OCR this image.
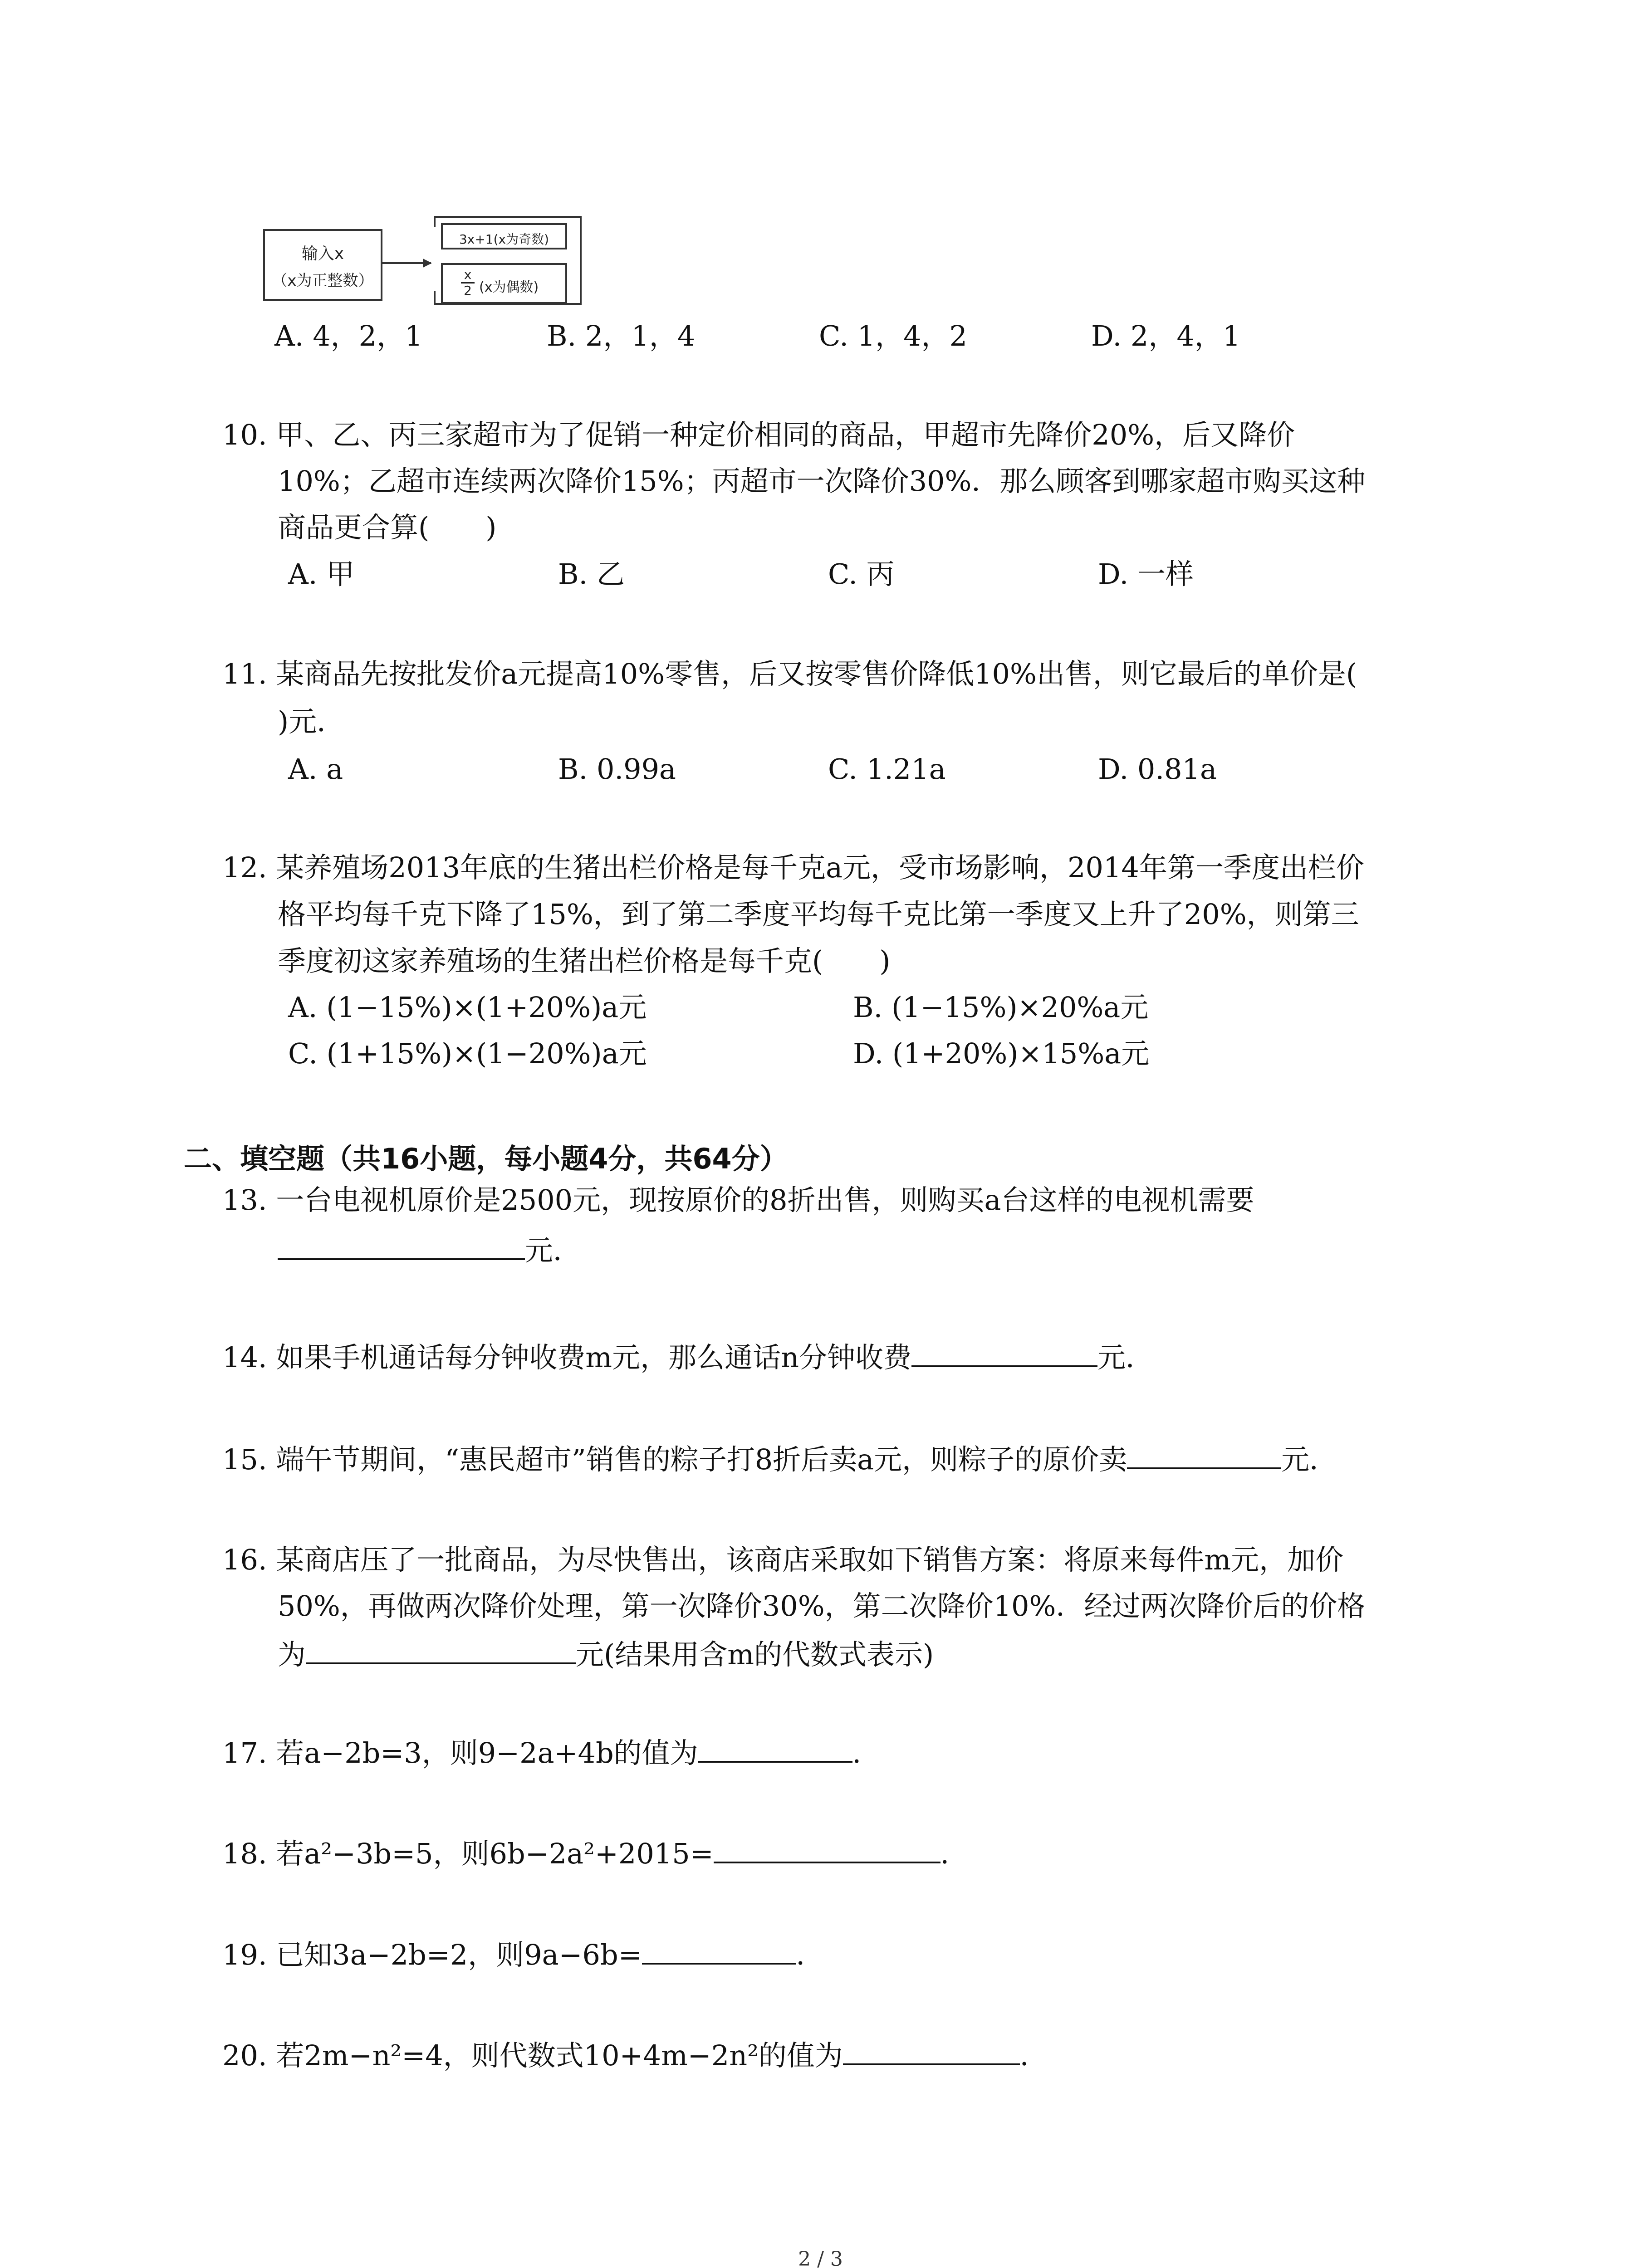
输入x
（x为正整数）
3x+1(x为奇数)
$\frac{x}{2} (x$为偶数)
A. 4，2，1	B. 2，1，4	C. 1，4，2	D. 2，4，1
10. 甲、乙、丙三家超市为了促销一种定价相同的商品，甲超市先降价20%，后又降价
10%；乙超市连续两次降价15%；丙超市一次降价30%．那么顾客到哪家超市购买这种
商品更合算(　　)
A. 甲	B. 乙	C. 丙	D. 一样
11. 某商品先按批发价a元提高10%零售，后又按零售价降低10%出售，则它最后的单价是(
)元．
A. a	B. 0.99a	C. 1.21a	D. 0.81a
12. 某养殖场2013年底的生猪出栏价格是每千克a元，受市场影响，2014年第一季度出栏价
格平均每千克下降了15%，到了第二季度平均每千克比第一季度又上升了20%，则第三
季度初这家养殖场的生猪出栏价格是每千克(　　)
A. (1−15%)×(1+20%)a元	B. (1−15%)×20%a元
C. (1+15%)×(1−20%)a元	D. (1+20%)×15%a元
二、填空题（共16小题，每小题4分，共64分）
13. 一台电视机原价是2500元，现按原价的8折出售，则购买a台这样的电视机需要
元．
14. 如果手机通话每分钟收费m元，那么通话n分钟收费	元．
15. 端午节期间，“惠民超市”销售的粽子打8折后卖a元，则粽子的原价卖	元．
16. 某商店压了一批商品，为尽快售出，该商店采取如下销售方案：将原来每件m元，加价
50%，再做两次降价处理，第一次降价30%，第二次降价10%．经过两次降价后的价格
为	元(结果用含m的代数式表示)
17. 若a−2b=3，则9−2a+4b的值为	．
18. 若a²−3b=5，则6b−2a²+2015=	．
19. 已知3a−2b=2，则9a−6b=	．
20. 若2m−n²=4，则代数式10+4m−2n²的值为	．
2 / 3
